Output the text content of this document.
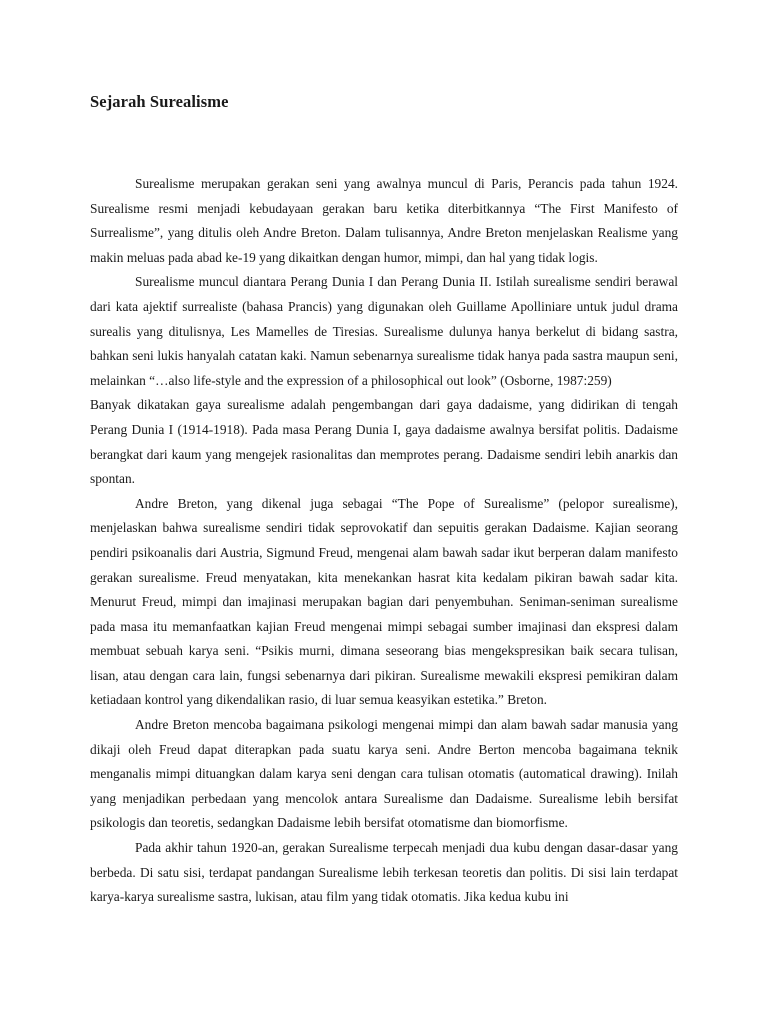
Sejarah Surealisme

Surealisme merupakan gerakan seni yang awalnya muncul di Paris, Perancis pada tahun 1924. Surealisme resmi menjadi kebudayaan gerakan baru ketika diterbitkannya “The First Manifesto of Surrealisme”, yang ditulis oleh Andre Breton. Dalam tulisannya, Andre Breton menjelaskan Realisme yang makin meluas pada abad ke-19 yang dikaitkan dengan humor, mimpi, dan hal yang tidak logis.

Surealisme muncul diantara Perang Dunia I dan Perang Dunia II. Istilah surealisme sendiri berawal dari kata ajektif surrealiste (bahasa Prancis) yang digunakan oleh Guillame Apolliniare untuk judul drama surealis yang ditulisnya, Les Mamelles de Tiresias. Surealisme dulunya hanya berkelut di bidang sastra, bahkan seni lukis hanyalah catatan kaki. Namun sebenarnya surealisme tidak hanya pada sastra maupun seni, melainkan “…also life-style and the expression of a philosophical out look” (Osborne, 1987:259)

Banyak dikatakan gaya surealisme adalah pengembangan dari gaya dadaisme, yang didirikan di tengah Perang Dunia I (1914-1918). Pada masa Perang Dunia I, gaya dadaisme awalnya bersifat politis. Dadaisme berangkat dari kaum yang mengejek rasionalitas dan memprotes perang. Dadaisme sendiri lebih anarkis dan spontan.

Andre Breton, yang dikenal juga sebagai “The Pope of Surealisme” (pelopor surealisme), menjelaskan bahwa surealisme sendiri tidak seprovokatif dan sepuitis gerakan Dadaisme. Kajian seorang pendiri psikoanalis dari Austria, Sigmund Freud, mengenai alam bawah sadar ikut berperan dalam manifesto gerakan surealisme. Freud menyatakan, kita menekankan hasrat kita kedalam pikiran bawah sadar kita. Menurut Freud, mimpi dan imajinasi merupakan bagian dari penyembuhan. Seniman-seniman surealisme pada masa itu memanfaatkan kajian Freud mengenai mimpi sebagai sumber imajinasi dan ekspresi dalam membuat sebuah karya seni. “Psikis murni, dimana seseorang bias mengekspresikan baik secara tulisan, lisan, atau dengan cara lain, fungsi sebenarnya dari pikiran. Surealisme mewakili ekspresi pemikiran dalam ketiadaan kontrol yang dikendalikan rasio, di luar semua keasyikan estetika.” Breton.

Andre Breton mencoba bagaimana psikologi mengenai mimpi dan alam bawah sadar manusia yang dikaji oleh Freud dapat diterapkan pada suatu karya seni. Andre Berton mencoba bagaimana teknik menganalis mimpi dituangkan dalam karya seni dengan cara tulisan otomatis (automatical drawing). Inilah yang menjadikan perbedaan yang mencolok antara Surealisme dan Dadaisme. Surealisme lebih bersifat psikologis dan teoretis, sedangkan Dadaisme lebih bersifat otomatisme dan biomorfisme.

Pada akhir tahun 1920-an, gerakan Surealisme terpecah menjadi dua kubu dengan dasar-dasar yang berbeda. Di satu sisi, terdapat pandangan Surealisme lebih terkesan teoretis dan politis. Di sisi lain terdapat karya-karya surealisme sastra, lukisan, atau film yang tidak otomatis. Jika kedua kubu ini
